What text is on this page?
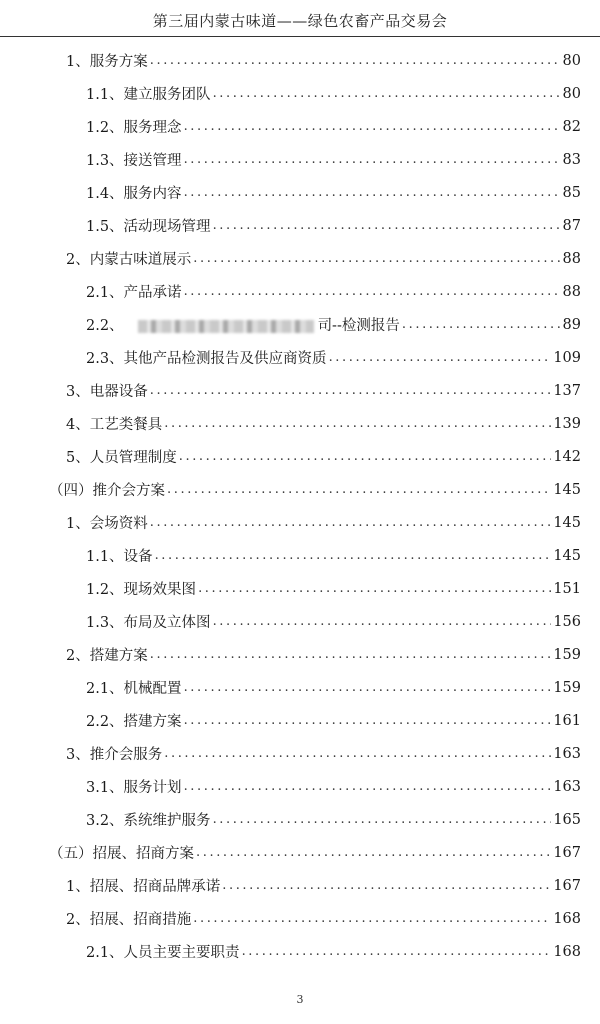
第三届内蒙古味道——绿色农畜产品交易会
1、服务方案 .....	80
1.1、建立服务团队 .....	80
1.2、服务理念 .....	82
1.3、接送管理 .....	83
1.4、服务内容 .....	85
1.5、活动现场管理 .....	87
2、内蒙古味道展示 .....	88
2.1、产品承诺 .....	88
2.2、	司--检测报告 .....	89
2.3、其他产品检测报告及供应商资质 .....	109
3、电器设备 .....	137
4、工艺类餐具 .....	139
5、人员管理制度 .....	142
（四）推介会方案 .....	145
1、会场资料 .....	145
1.1、设备 .....	145
1.2、现场效果图 .....	151
1.3、布局及立体图 .....	156
2、搭建方案 .....	159
2.1、机械配置 .....	159
2.2、搭建方案 .....	161
3、推介会服务 .....	163
3.1、服务计划 .....	163
3.2、系统维护服务 .....	165
（五）招展、招商方案 .....	167
1、招展、招商品牌承诺 .....	167
2、招展、招商措施 .....	168
2.1、人员主要主要职责 .....	168
3
